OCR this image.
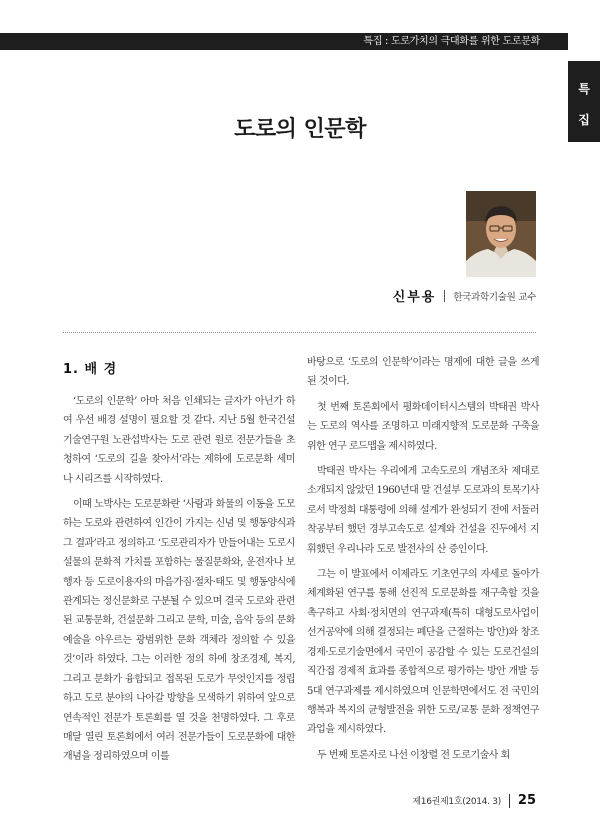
특집 : 도로가치의 극대화를 위한 도로문화
특
집
도로의 인문학
신부용 한국과학기술원 교수
1. 배 경

‘도로의 인문학’ 아마 처음 인쇄되는 글자가 아닌가 하여 우선 배경 설명이 필요할 것 같다. 지난 5월 한국건설기술연구원 노관섭박사는 도로 관련 원로 전문가들을 초청하여 ‘도로의 길을 찾아서’라는 제하에 도로문화 세미나 시리즈를 시작하였다.

이때 노박사는 도로문화란 ‘사람과 화물의 이동을 도모하는 도로와 관련하여 인간이 가지는 신념 및 행동양식과 그 결과’라고 정의하고 ‘도로관리자가 만들어내는 도로시설물의 문화적 가치를 포함하는 물질문화와, 운전자나 보행자 등 도로이용자의 마음가짐·절차·태도 및 행동양식에 관계되는 정신문화로 구분될 수 있으며 결국 도로와 관련된 교통문화, 건설문화 그리고 문학, 미술, 음악 등의 문화예술을 아우르는 광범위한 문화 객체라 정의할 수 있을 것’이라 하였다. 그는 이러한 정의 하에 창조경제, 복지, 그리고 문화가 융합되고 접목된 도로가 무엇인지를 정립하고 도로 분야의 나아갈 방향을 모색하기 위하여 앞으로 연속적인 전문가 토론회를 열 것을 천명하였다. 그 후로 매달 열린 토론회에서 여러 전문가들이 도로문화에 대한 개념을 정리하였으며 이를

바탕으로 ‘도로의 인문학’이라는 명제에 대한 글을 쓰게 된 것이다.

첫 번째 토론회에서 평화데이터시스템의 박태권 박사는 도로의 역사를 조명하고 미래지향적 도로문화 구축을 위한 연구 로드맵을 제시하였다.

박태권 박사는 우리에게 고속도로의 개념조차 제대로 소개되지 않았던 1960년대 말 건설부 도로과의 토목기사로서 박정희 대통령에 의해 설계가 완성되기 전에 서둘러 착공부터 했던 경부고속도로 설계와 건설을 진두에서 지휘했던 우리나라 도로 발전사의 산 증인이다.

그는 이 발표에서 이제라도 기초연구의 자세로 돌아가 체계화된 연구를 통해 선진적 도로문화를 재구축할 것을 촉구하고 사회·정치면의 연구과제(특히 대형도로사업이 선거공약에 의해 결정되는 폐단을 근절하는 방안)와 창조경제·도로기술면에서 국민이 공감할 수 있는 도로건설의 직간접 경제적 효과를 종합적으로 평가하는 방안 개발 등 5대 연구과제를 제시하였으며 인문학면에서도 전 국민의 행복과 복지의 균형발전을 위한 도로/교통 문화 정책연구 과업을 제시하였다.

두 번째 토론자로 나선 이창렬 전 도로기술사 회

제16권제1호(2014. 3) 25
